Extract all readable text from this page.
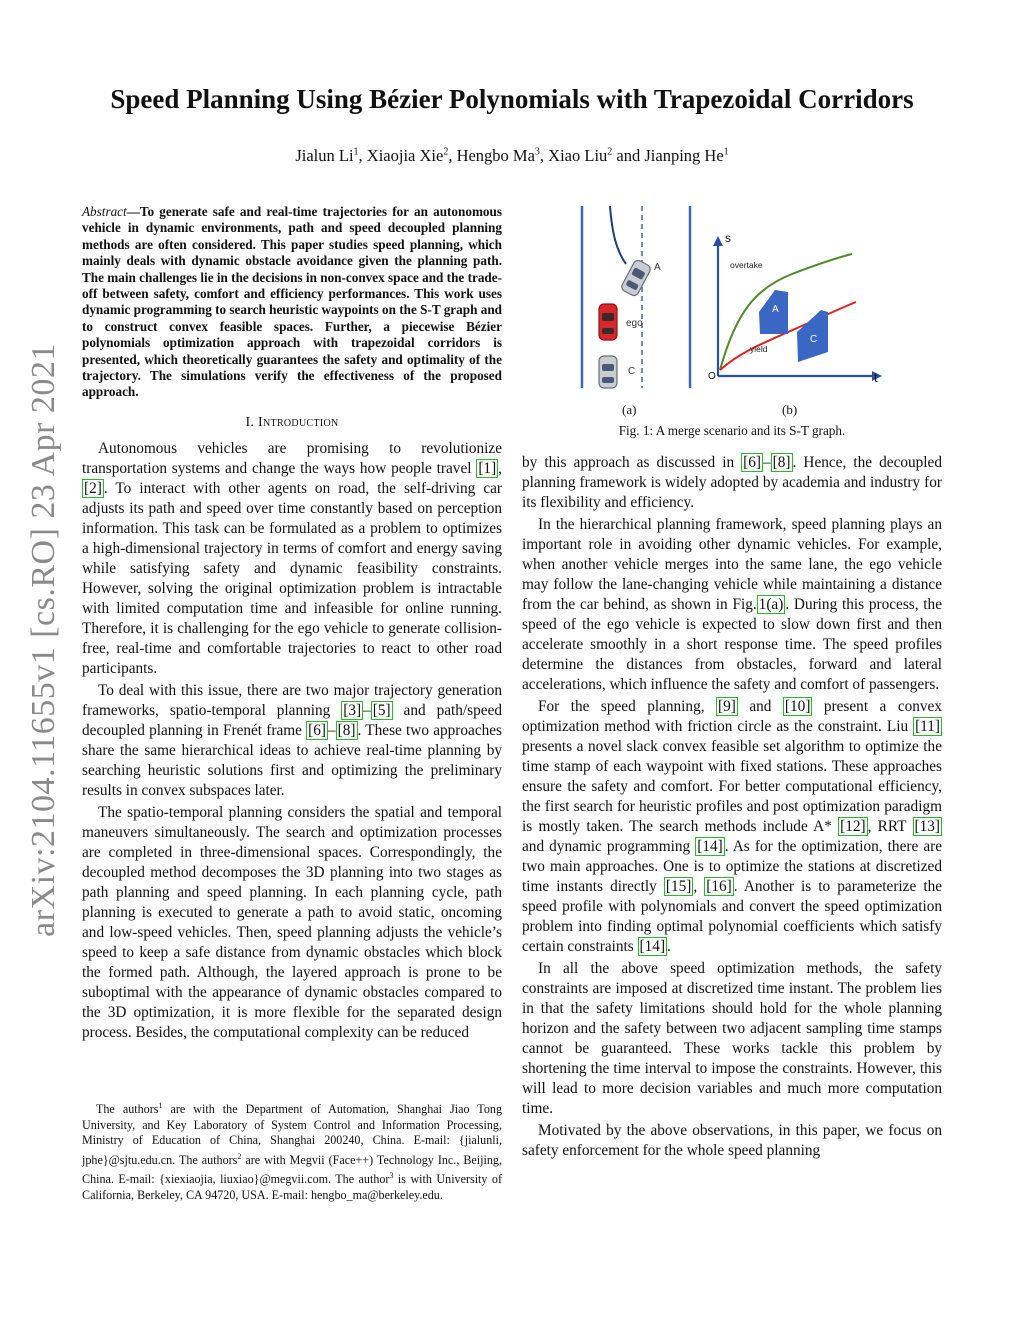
arXiv:2104.11655v1 [cs.RO] 23 Apr 2021
Speed Planning Using Bézier Polynomials with Trapezoidal Corridors
Jialun Li$^1$, Xiaojia Xie$^2$, Hengbo Ma$^3$, Xiao Liu$^2$ and Jianping He$^1$
Abstract—To generate safe and real-time trajectories for an autonomous vehicle in dynamic environments, path and speed decoupled planning methods are often considered. This paper studies speed planning, which mainly deals with dynamic obstacle avoidance given the planning path. The main challenges lie in the decisions in non-convex space and the trade-off between safety, comfort and efficiency performances. This work uses dynamic programming to search heuristic waypoints on the S-T graph and to construct convex feasible spaces. Further, a piecewise Bézier polynomials optimization approach with trapezoidal corridors is presented, which theoretically guarantees the safety and optimality of the trajectory. The simulations verify the effectiveness of the proposed approach.
I. Introduction

Autonomous vehicles are promising to revolutionize transportation systems and change the ways how people travel [1] , [2] . To interact with other agents on road, the self-driving car adjusts its path and speed over time constantly based on perception information. This task can be formulated as a problem to optimizes a high-dimensional trajectory in terms of comfort and energy saving while satisfying safety and dynamic feasibility constraints. However, solving the original optimization problem is intractable with limited computation time and infeasible for online running. Therefore, it is challenging for the ego vehicle to generate collision-free, real-time and comfortable trajectories to react to other road participants.

To deal with this issue, there are two major trajectory generation frameworks, spatio-temporal planning [3] – [5] and path/speed decoupled planning in Frenét frame [6] – [8] . These two approaches share the same hierarchical ideas to achieve real-time planning by searching heuristic solutions first and optimizing the preliminary results in convex subspaces later.

The spatio-temporal planning considers the spatial and temporal maneuvers simultaneously. The search and optimization processes are completed in three-dimensional spaces. Correspondingly, the decoupled method decomposes the 3D planning into two stages as path planning and speed planning. In each planning cycle, path planning is executed to generate a path to avoid static, oncoming and low-speed vehicles. Then, speed planning adjusts the vehicle’s speed to keep a safe distance from dynamic obstacles which block the formed path. Although, the layered approach is prone to be suboptimal with the appearance of dynamic obstacles compared to the 3D optimization, it is more flexible for the separated design process. Besides, the computational complexity can be reduced

The authors$^1$ are with the Department of Automation, Shanghai Jiao Tong University, and Key Laboratory of System Control and Information Processing, Ministry of Education of China, Shanghai 200240, China. E-mail: {jialunli, jphe}@sjtu.edu.cn. The authors$^2$ are with Megvii (Face++) Technology Inc., Beijing, China. E-mail: {xiexiaojia, liuxiao}@megvii.com. The author$^3$ is with University of California, Berkeley, CA 94720, USA. E-mail: hengbo_ma@berkeley.edu.
A
ego
C
s
t
O
A
C
overtake
yield
(a)	(b)
Fig. 1: A merge scenario and its S-T graph.

by this approach as discussed in [6] – [8] . Hence, the decoupled planning framework is widely adopted by academia and industry for its flexibility and efficiency.

In the hierarchical planning framework, speed planning plays an important role in avoiding other dynamic vehicles. For example, when another vehicle merges into the same lane, the ego vehicle may follow the lane-changing vehicle while maintaining a distance from the car behind, as shown in Fig. 1(a) . During this process, the speed of the ego vehicle is expected to slow down first and then accelerate smoothly in a short response time. The speed profiles determine the distances from obstacles, forward and lateral accelerations, which influence the safety and comfort of passengers.

For the speed planning, [9] and [10] present a convex optimization method with friction circle as the constraint. Liu [11] presents a novel slack convex feasible set algorithm to optimize the time stamp of each waypoint with fixed stations. These approaches ensure the safety and comfort. For better computational efficiency, the first search for heuristic profiles and post optimization paradigm is mostly taken. The search methods include A* [12] , RRT [13] and dynamic programming [14] . As for the optimization, there are two main approaches. One is to optimize the stations at discretized time instants directly [15] , [16] . Another is to parameterize the speed profile with polynomials and convert the speed optimization problem into finding optimal polynomial coefficients which satisfy certain constraints [14] .

In all the above speed optimization methods, the safety constraints are imposed at discretized time instant. The problem lies in that the safety limitations should hold for the whole planning horizon and the safety between two adjacent sampling time stamps cannot be guaranteed. These works tackle this problem by shortening the time interval to impose the constraints. However, this will lead to more decision variables and much more computation time.

Motivated by the above observations, in this paper, we focus on safety enforcement for the whole speed planning
